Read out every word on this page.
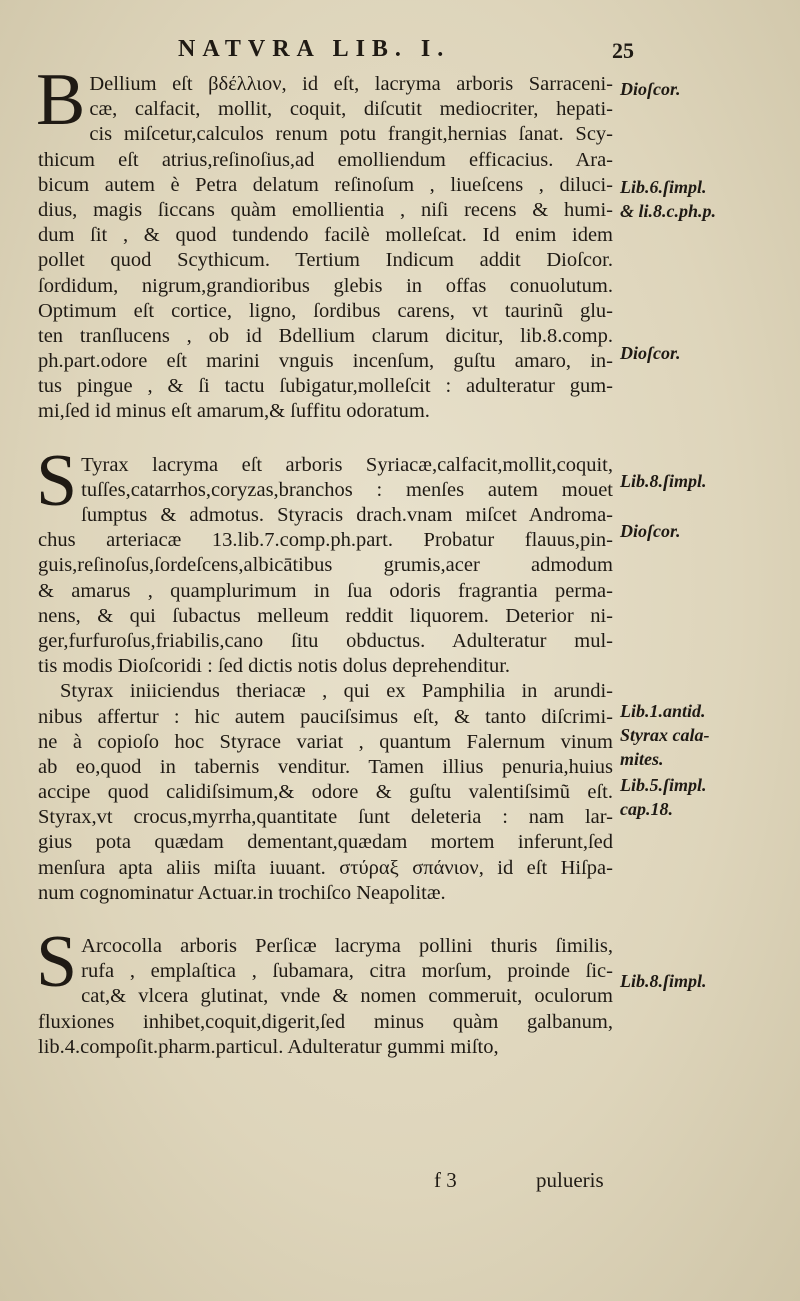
NATVRA LIB. I.	25
B Dellium eſt βδέλλιον, id eſt, lacryma arboris Sarraceni-
cæ, calfacit, mollit, coquit, diſcutit mediocriter, hepati-
cis miſcetur,calculos renum potu frangit,hernias ſanat. Scy-
thicum eſt atrius,reſinoſius,ad emolliendum efficacius. Ara-
bicum autem è Petra delatum reſinoſum , liueſcens , diluci-
dius, magis ſiccans quàm emollientia , niſi recens & humi-
dum ſit , & quod tundendo facilè molleſcat. Id enim idem
pollet quod Scythicum. Tertium Indicum addit Dioſcor.
ſordidum, nigrum,grandioribus glebis in offas conuolutum.
Optimum eſt cortice, ligno, ſordibus carens, vt taurinũ glu-
ten tranſlucens , ob id Bdellium clarum dicitur, lib.8.comp.
ph.part.odore eſt marini vnguis incenſum, guſtu amaro, in-
tus pingue , & ſi tactu ſubigatur,molleſcit : adulteratur gum-
mi,ſed id minus eſt amarum,& ſuffitu odoratum.
S Tyrax lacryma eſt arboris Syriacæ,calfacit,mollit,coquit,
tuſſes,catarrhos,coryzas,branchos : menſes autem mouet
ſumptus & admotus. Styracis drach.vnam miſcet Androma-
chus arteriacæ 13.lib.7.comp.ph.part. Probatur flauus,pin-
guis,reſinoſus,ſordeſcens,albicātibus grumis,acer admodum
& amarus , quamplurimum in ſua odoris fragrantia perma-
nens, & qui ſubactus melleum reddit liquorem. Deterior ni-
ger,furfuroſus,friabilis,cano ſitu obductus. Adulteratur mul-
tis modis Dioſcoridi : ſed dictis notis dolus deprehenditur.
Styrax iniiciendus theriacæ , qui ex Pamphilia in arundi-
nibus affertur : hic autem pauciſsimus eſt, & tanto diſcrimi-
ne à copioſo hoc Styrace variat , quantum Falernum vinum
ab eo,quod in tabernis venditur. Tamen illius penuria,huius
accipe quod calidiſsimum,& odore & guſtu valentiſsimũ eſt.
Styrax,vt crocus,myrrha,quantitate ſunt deleteria : nam lar-
gius pota quædam dementant,quædam mortem inferunt,ſed
menſura apta aliis miſta iuuant. στύραξ σπάνιον, id eſt Hiſpa-
num cognominatur Actuar.in trochiſco Neapolitæ.
S Arcocolla arboris Perſicæ lacryma pollini thuris ſimilis,
rufa , emplaſtica , ſubamara, citra morſum, proinde ſic-
cat,& vlcera glutinat, vnde & nomen commeruit, oculorum
fluxiones inhibet,coquit,digerit,ſed minus quàm galbanum,
lib.4.compoſit.pharm.particul. Adulteratur gummi miſto,
Dioſcor.
Lib.6.ſimpl.
& li.8.c.ph.p.
Dioſcor.
Lib.8.ſimpl.
Dioſcor.
Lib.1.antid.
Styrax cala-
mites.
Lib.5.ſimpl.
cap.18.
Lib.8.ſimpl.
f 3	pulueris
